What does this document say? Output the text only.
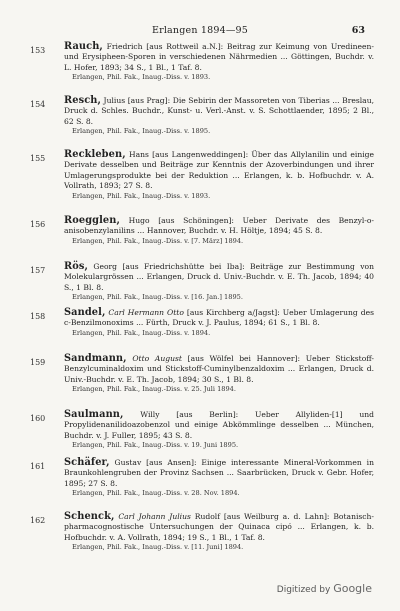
Erlangen 1894—95	63
153	Rauch, Friedrich [aus Rottweil a.N.]: Beitrag zur Keimung von Uredineen- und Erysipheen-Sporen in verschiedenen Nährmedien ... Göttingen, Buchdr. v. L. Hofer, 1893; 34 S., 1 Bl., 1 Taf. 8.
Erlangen, Phil. Fak., Inaug.-Diss. v. 1893.
154	Resch, Julius [aus Prag]: Die Sebirin der Massoreten von Tiberias ... Breslau, Druck d. Schles. Buchdr., Kunst- u. Verl.-Anst. v. S. Schottlaender, 1895; 2 Bl., 62 S. 8.
Erlangen, Phil. Fak., Inaug.-Diss. v. 1895.
155	Reckleben, Hans [aus Langenweddingen]: Über das Allylanilin und einige Derivate desselben und Beiträge zur Kenntnis der Azoverbindungen und ihrer Umlagerungsprodukte bei der Reduktion ... Erlangen, k. b. Hofbuchdr. v. A. Vollrath, 1893; 27 S. 8.
Erlangen, Phil. Fak., Inaug.-Diss. v. 1893.
156	Roegglen, Hugo [aus Schöningen]: Ueber Derivate des Benzyl-o-anisobenzylanilins ... Hannover, Buchdr. v. H. Höltje, 1894; 45 S. 8.
Erlangen, Phil. Fak., Inaug.-Diss. v. [7. März] 1894.
157	Rös, Georg [aus Friedrichshütte bei Iba]: Beiträge zur Bestimmung von Molekulargrössen ... Erlangen, Druck d. Univ.-Buchdr. v. E. Th. Jacob, 1894; 40 S., 1 Bl. 8.
Erlangen, Phil. Fak., Inaug.-Diss. v. [16. Jan.] 1895.
158	Sandel, Carl Hermann Otto [aus Kirchberg a/Jagst]: Ueber Umlagerung des c-Benzilmonoxims ... Fürth, Druck v. J. Paulus, 1894; 61 S., 1 Bl. 8.
Erlangen, Phil. Fak., Inaug.-Diss. v. 1894.
159	Sandmann, Otto August [aus Wölfel bei Hannover]: Ueber Stickstoff-Benzylcuminaldoxim und Stickstoff-Cuminylbenzaldoxim ... Erlangen, Druck d. Univ.-Buchdr. v. E. Th. Jacob, 1894; 30 S., 1 Bl. 8.
Erlangen, Phil. Fak., Inaug.-Diss. v. 25. Juli 1894.
160	Saulmann, Willy [aus Berlin]: Ueber Allyliden-[1] und Propylidenanilidoazobenzol und einige Abkömmlinge desselben ... München, Buchdr. v. J. Fuller, 1895; 43 S. 8.
Erlangen, Phil. Fak., Inaug.-Diss. v. 19. Juni 1895.
161	Schäfer, Gustav [aus Ansen]: Einige interessante Mineral-Vorkommen in Braunkohlengruben der Provinz Sachsen ... Saarbrücken, Druck v. Gebr. Hofer, 1895; 27 S. 8.
Erlangen, Phil. Fak., Inaug.-Diss. v. 28. Nov. 1894.
162	Schenck, Carl Johann Julius Rudolf [aus Weilburg a. d. Lahn]: Botanisch-pharmacognostische Untersuchungen der Quinaca cipó ... Erlangen, k. b. Hofbuchdr. v. A. Vollrath, 1894; 19 S., 1 Bl., 1 Taf. 8.
Erlangen, Phil. Fak., Inaug.-Diss. v. [11. Juni] 1894.
Digitized by Google
